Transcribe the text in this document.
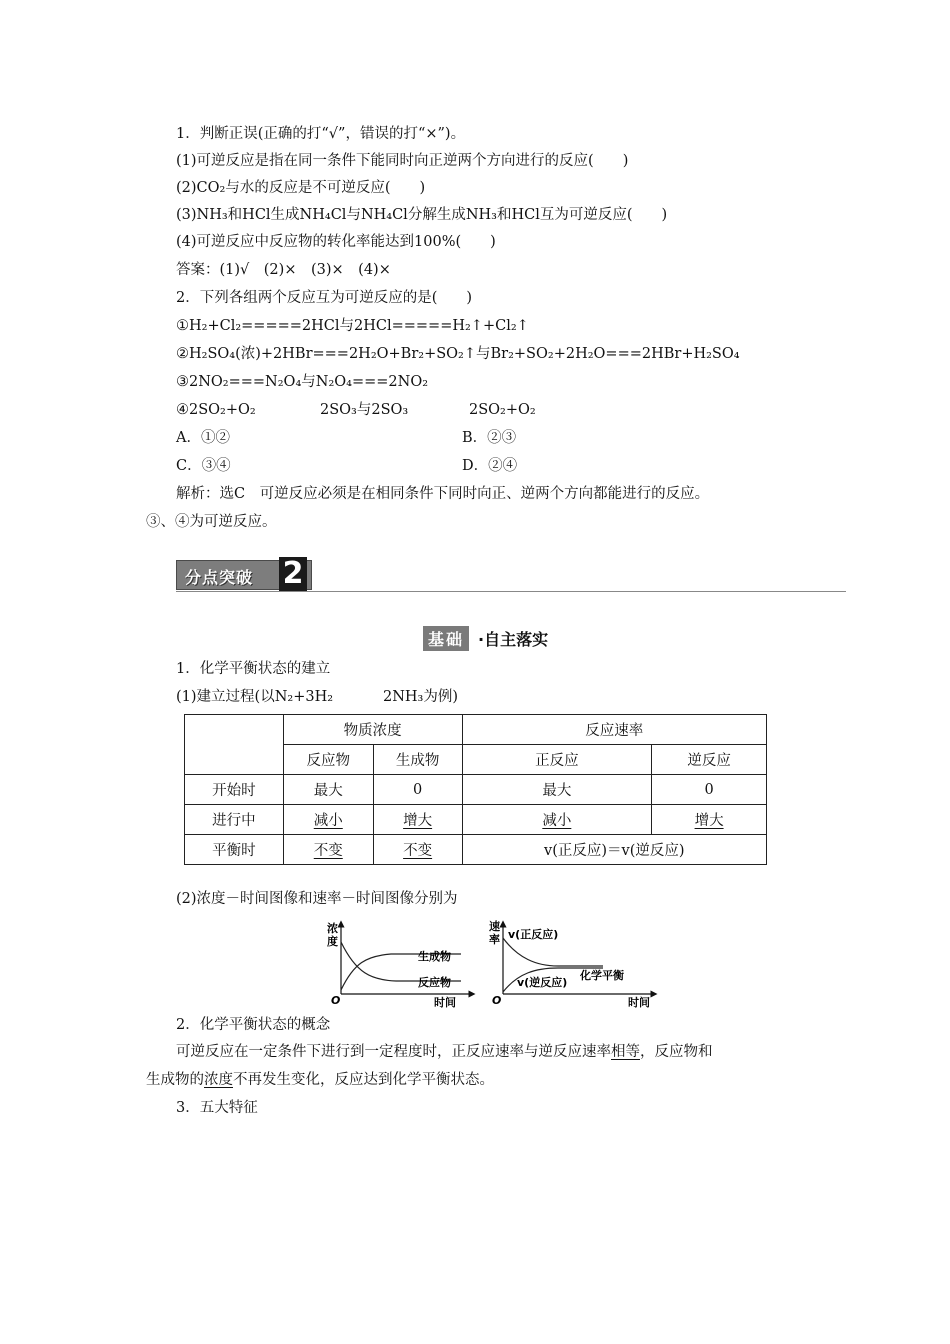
1．判断正误(正确的打“√”，错误的打“×”)。
(1)可逆反应是指在同一条件下能同时向正逆两个方向进行的反应(　　)
(2)CO₂与水的反应是不可逆反应(　　)
(3)NH₃和HCl生成NH₄Cl与NH₄Cl分解生成NH₃和HCl互为可逆反应(　　)
(4)可逆反应中反应物的转化率能达到100%(　　)
答案：(1)√　(2)×　(3)×　(4)×
2．下列各组两个反应互为可逆反应的是(　　)
①H₂+Cl₂=====2HCl与2HCl=====H₂↑+Cl₂↑
②H₂SO₄(浓)+2HBr===2H₂O+Br₂+SO₂↑与Br₂+SO₂+2H₂O===2HBr+H₂SO₄
③2NO₂===N₂O₄与N₂O₄===2NO₂
④2SO₂+O₂	2SO₃与2SO₃	2SO₂+O₂
A．①②	B．②③
C．③④	D．②④
解析：选C　可逆反应必须是在相同条件下同时向正、逆两个方向都能进行的反应。
③、④为可逆反应。
分点突破 2
基础 ·自主落实
1．化学平衡状态的建立
(1)建立过程(以N₂+3H₂	2NH₃为例)
	物质浓度		反应速率	
	反应物	生成物	正反应	逆反应
开始时	最大	0	最大	0
进行中	减小	增大	减小	增大
平衡时	不变	不变	v(正反应)＝v(逆反应)	
(2)浓度－时间图像和速率－时间图像分别为
浓
度
O
生成物
反应物
时间
速
率
O
v(正反应)
v(逆反应)
化学平衡
时间
2．化学平衡状态的概念
可逆反应在一定条件下进行到一定程度时，正反应速率与逆反应速率相等，反应物和
生成物的浓度不再发生变化，反应达到化学平衡状态。
3．五大特征
